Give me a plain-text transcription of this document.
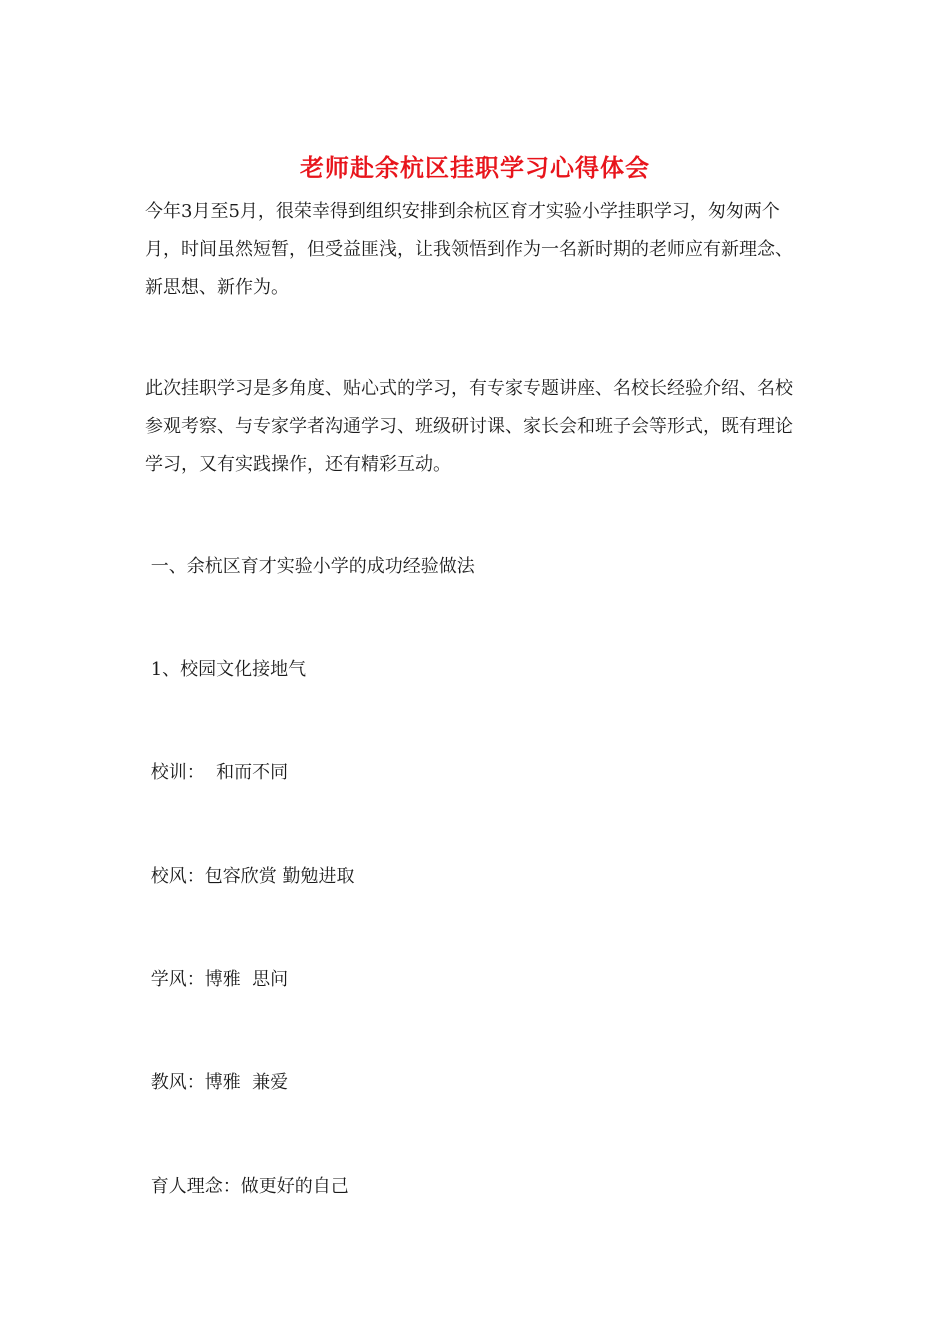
老师赴余杭区挂职学习心得体会

今年3月至5月，很荣幸得到组织安排到余杭区育才实验小学挂职学习，匆匆两个月，时间虽然短暂，但受益匪浅，让我领悟到作为一名新时期的老师应有新理念、新思想、新作为。

此次挂职学习是多角度、贴心式的学习，有专家专题讲座、名校长经验介绍、名校参观考察、与专家学者沟通学习、班级研讨课、家长会和班子会等形式，既有理论学习，又有实践操作，还有精彩互动。

一、余杭区育才实验小学的成功经验做法
1、校园文化接地气
校训：  和而不同
校风：包容欣赏 勤勉进取
学风：博雅  思问
教风：博雅  兼爱
育人理念：做更好的自己
